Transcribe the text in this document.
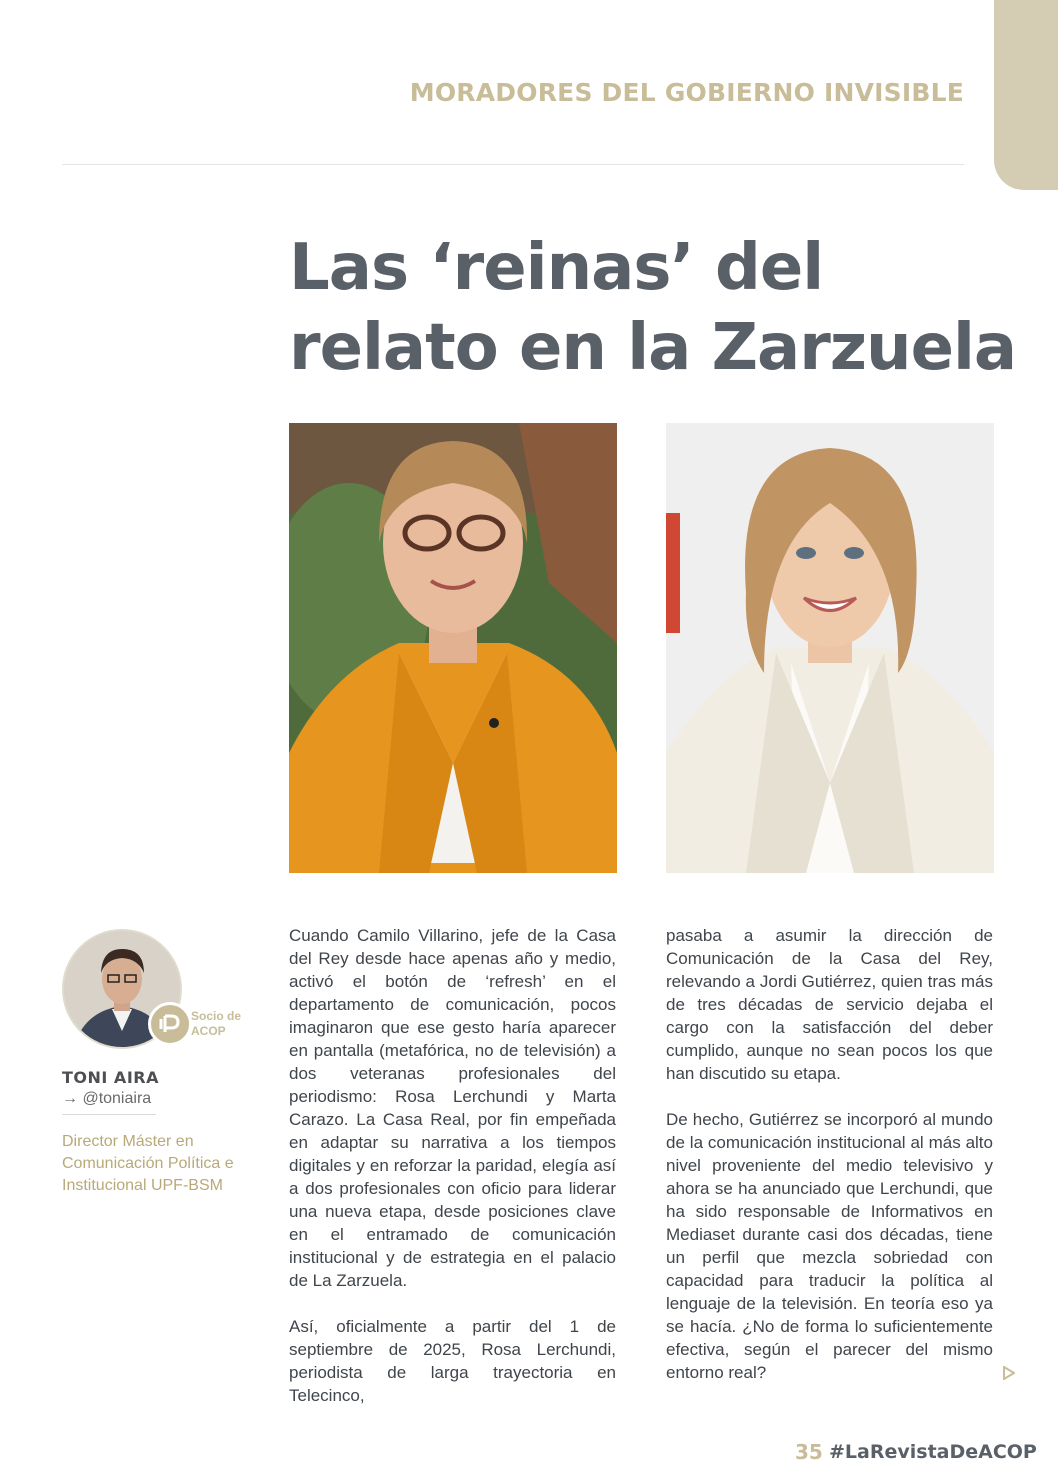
MORADORES DEL GOBIERNO INVISIBLE
Las ‘reinas’ del
relato en la Zarzuela
Socio de ACOP
TONI AIRA
→ @toniaira
Director Máster en Comunicación Política e Institucional UPF-BSM

Cuando Camilo Villarino, jefe de la Casa del Rey desde hace apenas año y medio, activó el botón de ‘refresh’ en el departamento de comunicación, pocos imaginaron que ese gesto haría aparecer en pantalla (metafórica, no de televisión) a dos veteranas profesionales del periodismo: Rosa Lerchundi y Marta Carazo. La Casa Real, por fin empeñada en adaptar su narrativa a los tiempos digitales y en reforzar la paridad, elegía así a dos profesionales con oficio para liderar una nueva etapa, desde posiciones clave en el entramado de comunicación institucional y de estrategia en el palacio de La Zarzuela.

Así, oficialmente a partir del 1 de septiembre de 2025, Rosa Lerchundi, periodista de larga trayectoria en Telecinco,

pasaba a asumir la dirección de Comunicación de la Casa del Rey, relevando a Jordi Gutiérrez, quien tras más de tres décadas de servicio dejaba el cargo con la satisfacción del deber cumplido, aunque no sean pocos los que han discutido su etapa.

De hecho, Gutiérrez se incorporó al mundo de la comunicación institucional al más alto nivel proveniente del medio televisivo y ahora se ha anunciado que Lerchundi, que ha sido responsable de Informativos en Mediaset durante casi dos décadas, tiene un perfil que mezcla sobriedad con capacidad para traducir la política al lenguaje de la televisión. En teoría eso ya se hacía. ¿No de forma lo suficientemente efectiva, según el parecer del mismo entorno real?

35 #LaRevistaDeACOP
